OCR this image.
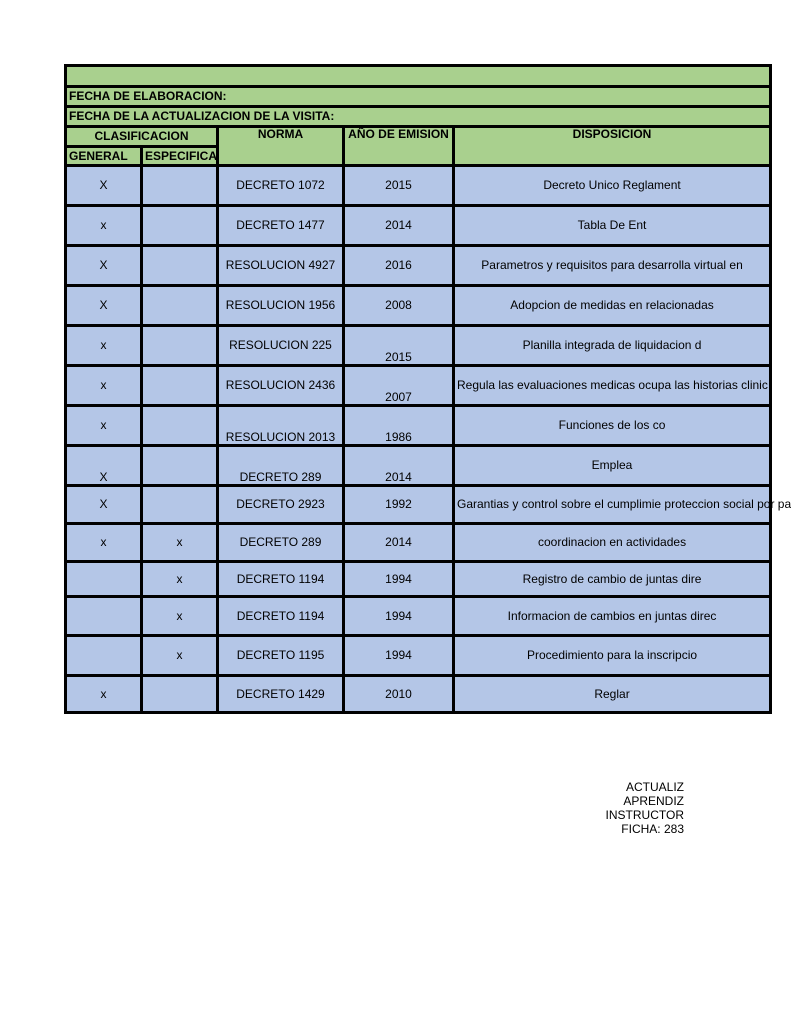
FECHA DE ELABORACION:				
FECHA DE LA ACTUALIZACION DE LA VISITA:				
CLASIFICACION		NORMA	AÑO DE EMISION	DISPOSICION
GENERAL	ESPECIFICA			
X		DECRETO 1072	2015	Decreto Unico Reglament
x		DECRETO 1477	2014	Tabla De Ent
X		RESOLUCION 4927	2016	Parametros y requisitos para desarrolla virtual en
X		RESOLUCION 1956	2008	Adopcion de medidas en relacionadas
x		RESOLUCION 225	2015	Planilla integrada de liquidacion d
x		RESOLUCION 2436	2007	Regula las evaluaciones medicas ocupa las historias clinic
x		RESOLUCION 2013	1986	Funciones de los co
X		DECRETO 289	2014	Emplea
X		DECRETO 2923	1992	Garantias y control sobre el cumplimie proteccion social por pa
x	x	DECRETO 289	2014	coordinacion en actividades
	x	DECRETO 1194	1994	Registro de cambio de juntas dire
	x	DECRETO 1194	1994	Informacion de cambios en juntas direc
	x	DECRETO 1195	1994	Procedimiento para la inscripcio
x		DECRETO 1429	2010	Reglar
ACTUALIZ
APRENDIZ
INSTRUCTOR
FICHA: 283
